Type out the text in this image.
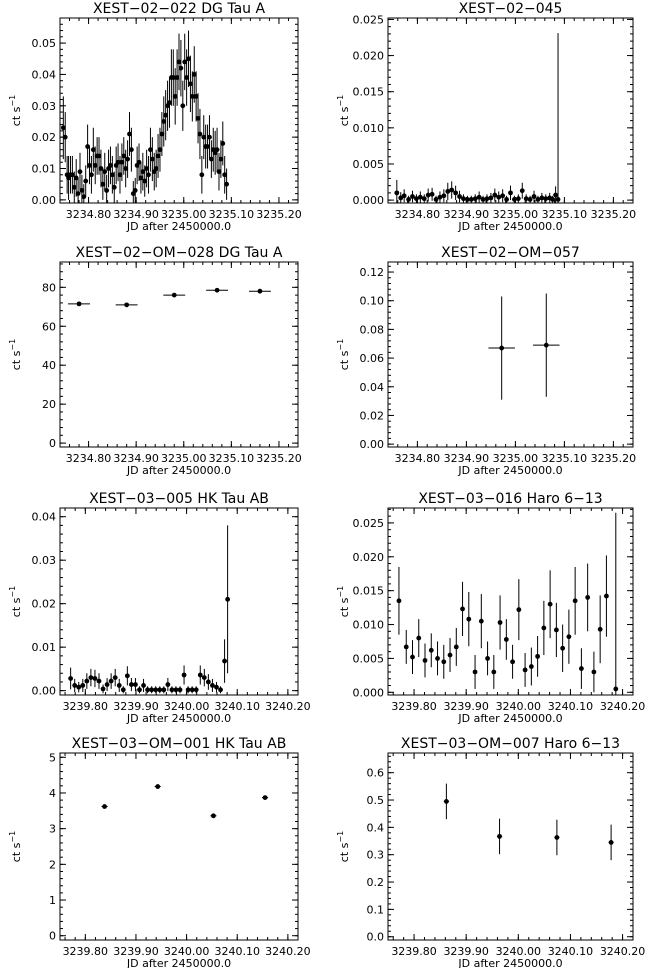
XEST−02−022 DG Tau A
3234.80 3234.90 3235.00 3235.10 3235.20
0.00
0.01
0.02
0.03
0.04
0.05
JD after 2450000.0
ct $s^{-1}$
XEST−02−045
3234.80 3234.90 3235.00 3235.10 3235.20
0.000
0.005
0.010
0.015
0.020
0.025
JD after 2450000.0
ct $s^{-1}$
XEST−02−OM−028 DG Tau A
3234.80 3234.90 3235.00 3235.10 3235.20
0
20
40
60
80
JD after 2450000.0
ct $s^{-1}$
XEST−02−OM−057
3234.80 3234.90 3235.00 3235.10 3235.20
0.00
0.02
0.04
0.06
0.08
0.10
0.12
JD after 2450000.0
ct $s^{-1}$
XEST−03−005 HK Tau AB
3239.80 3239.90 3240.00 3240.10 3240.20
0.00
0.01
0.02
0.03
0.04
JD after 2450000.0
ct $s^{-1}$
XEST−03−016 Haro 6−13
3239.80 3239.90 3240.00 3240.10 3240.20
0.000
0.005
0.010
0.015
0.020
0.025
JD after 2450000.0
ct $s^{-1}$
XEST−03−OM−001 HK Tau AB
3239.80 3239.90 3240.00 3240.10 3240.20
0
1
2
3
4
5
JD after 2450000.0
ct $s^{-1}$
XEST−03−OM−007 Haro 6−13
3239.80 3239.90 3240.00 3240.10 3240.20
0.0
0.1
0.2
0.3
0.4
0.5
0.6
JD after 2450000.0
ct $s^{-1}$
